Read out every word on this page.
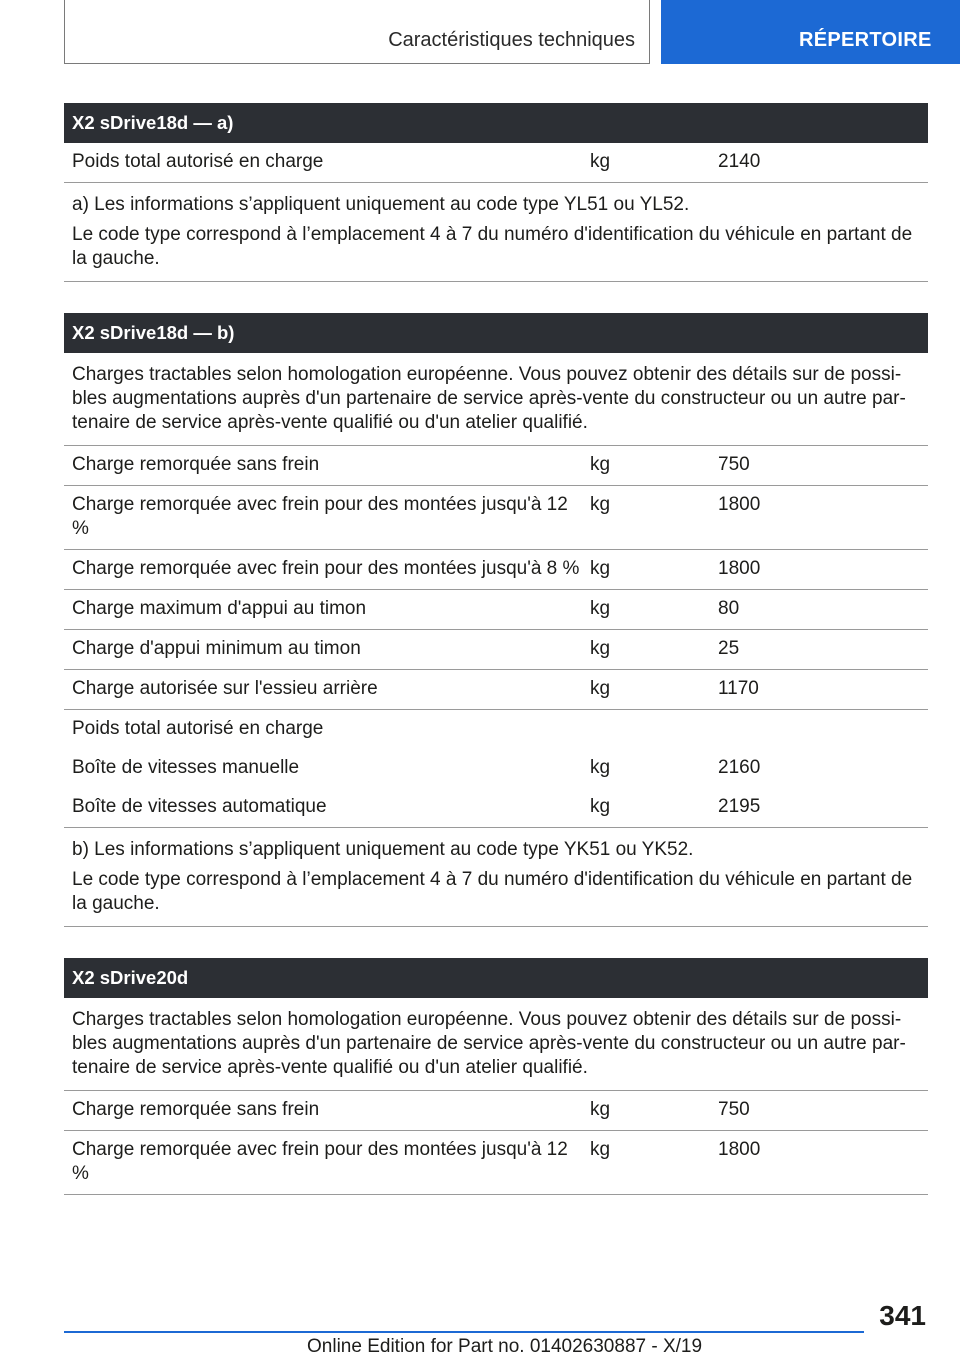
Caractéristiques techniques	RÉPERTOIRE
X2 sDrive18d — a)
Poids total autorisé en charge	kg	2140

a) Les informations s’appliquent uniquement au code type YL51 ou YL52.

Le code type correspond à l’emplacement 4 à 7 du numéro d'identification du véhicule en partant de la gauche.

X2 sDrive18d — b)

Charges tractables selon homologation européenne. Vous pouvez obtenir des détails sur de possibles augmentations auprès d'un partenaire de service après-vente du constructeur ou un autre partenaire de service après-vente qualifié ou d'un atelier qualifié.

Charge remorquée sans frein	kg	750
Charge remorquée avec frein pour des montées jusqu'à 12 %
kg	1800
Charge remorquée avec frein pour des montées jusqu'à 8 % kg	1800
Charge maximum d'appui au timon	kg	80
Charge d'appui minimum au timon	kg	25
Charge autorisée sur l'essieu arrière	kg	1170
Poids total autorisé en charge
Boîte de vitesses manuelle	kg	2160
Boîte de vitesses automatique	kg	2195

b) Les informations s’appliquent uniquement au code type YK51 ou YK52.

Le code type correspond à l’emplacement 4 à 7 du numéro d'identification du véhicule en partant de la gauche.

X2 sDrive20d

Charges tractables selon homologation européenne. Vous pouvez obtenir des détails sur de possibles augmentations auprès d'un partenaire de service après-vente du constructeur ou un autre partenaire de service après-vente qualifié ou d'un atelier qualifié.

Charge remorquée sans frein	kg	750
Charge remorquée avec frein pour des montées jusqu'à 12 %
kg	1800
341
Online Edition for Part no. 01402630887 - X/19
